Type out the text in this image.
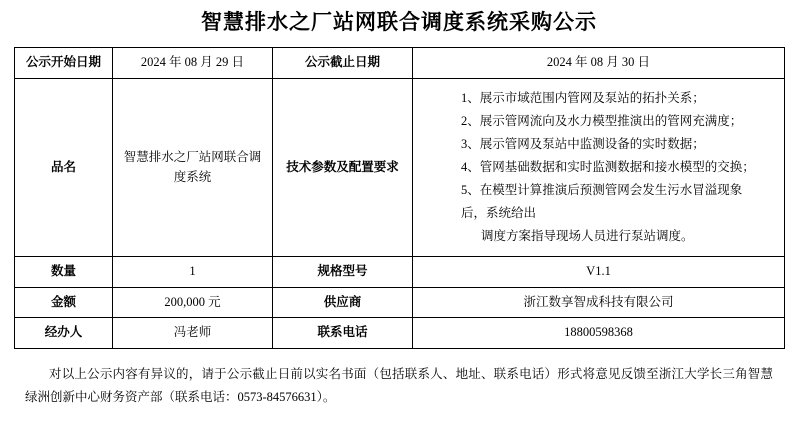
智慧排水之厂站网联合调度系统采购公示
公示开始日期	2024 年 08 月 29 日	公示截止日期	2024 年 08 月 30 日
品名	智慧排水之厂站网联合调度系统	技术参数及配置要求	
1、展示市域范围内管网及泵站的拓扑关系；
2、展示管网流向及水力模型推演出的管网充满度；
3、展示管网及泵站中监测设备的实时数据；
4、管网基础数据和实时监测数据和接水模型的交换；
5、在模型计算推演后预测管网会发生污水冒溢现象后，系统给出
调度方案指导现场人员进行泵站调度。

数量	1	规格型号	V1.1
金额	200,000 元	供应商	浙江数享智成科技有限公司
经办人	冯老师	联系电话	18800598368
对以上公示内容有异议的，请于公示截止日前以实名书面（包括联系人、地址、联系电话）形式将意见反馈至浙江大学长三角智慧绿洲创新中心财务资产部（联系电话：0573-84576631）。
